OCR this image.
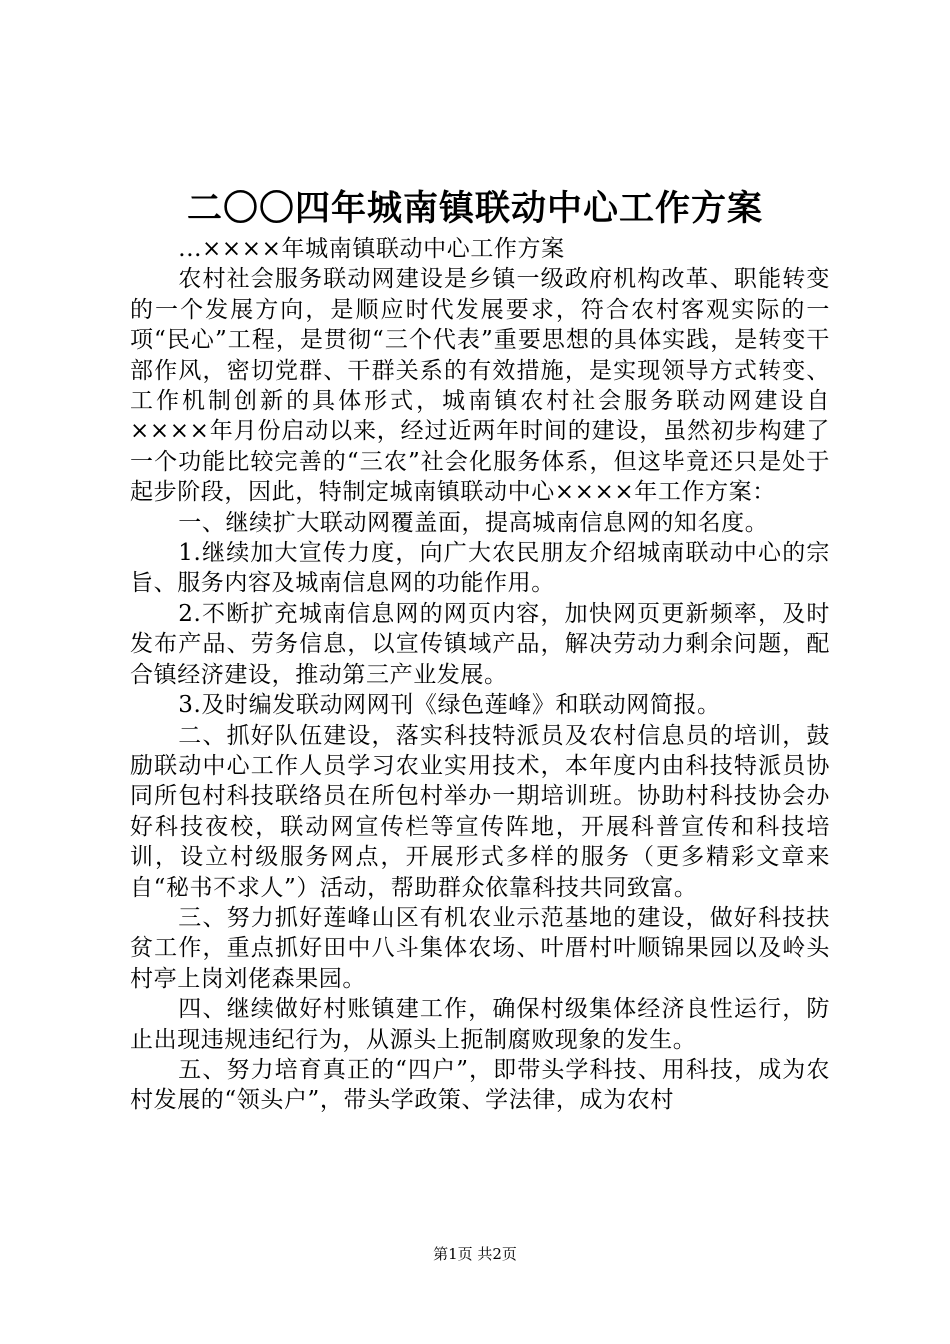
二〇〇四年城南镇联动中心工作方案

...××××年城南镇联动中心工作方案

农村社会服务联动网建设是乡镇一级政府机构改革、职能转变的一个发展方向，是顺应时代发展要求，符合农村客观实际的一项“民心”工程，是贯彻“三个代表”重要思想的具体实践，是转变干部作风，密切党群、干群关系的有效措施，是实现领导方式转变、工作机制创新的具体形式，城南镇农村社会服务联动网建设自××××年月份启动以来，经过近两年时间的建设，虽然初步构建了一个功能比较完善的“三农”社会化服务体系，但这毕竟还只是处于起步阶段，因此，特制定城南镇联动中心××××年工作方案：

一、继续扩大联动网覆盖面，提高城南信息网的知名度。

1.继续加大宣传力度，向广大农民朋友介绍城南联动中心的宗旨、服务内容及城南信息网的功能作用。

2.不断扩充城南信息网的网页内容，加快网页更新频率，及时发布产品、劳务信息，以宣传镇域产品，解决劳动力剩余问题，配合镇经济建设，推动第三产业发展。

3.及时编发联动网网刊《绿色莲峰》和联动网简报。

二、抓好队伍建设，落实科技特派员及农村信息员的培训，鼓励联动中心工作人员学习农业实用技术，本年度内由科技特派员协同所包村科技联络员在所包村举办一期培训班。协助村科技协会办好科技夜校，联动网宣传栏等宣传阵地，开展科普宣传和科技培训，设立村级服务网点，开展形式多样的服务（更多精彩文章来自“秘书不求人”）活动，帮助群众依靠科技共同致富。

三、努力抓好莲峰山区有机农业示范基地的建设，做好科技扶贫工作，重点抓好田中八斗集体农场、叶厝村叶顺锦果园以及岭头村亭上岗刘佬森果园。

四、继续做好村账镇建工作，确保村级集体经济良性运行，防止出现违规违纪行为，从源头上扼制腐败现象的发生。

五、努力培育真正的“四户”，即带头学科技、用科技，成为农村发展的“领头户”，带头学政策、学法律，成为农村

第1页 共2页
